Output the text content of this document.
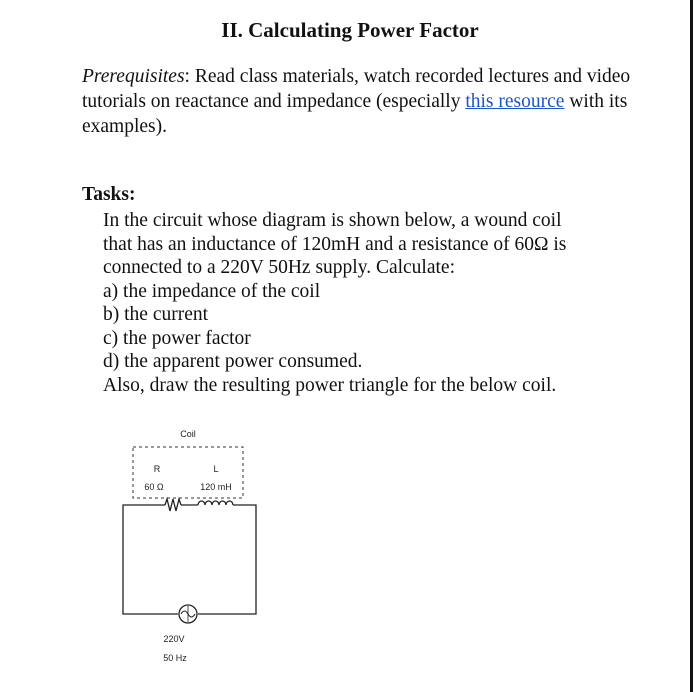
II. Calculating Power Factor
Prerequisites: Read class materials, watch recorded lectures and video tutorials on reactance and impedance (especially this resource with its examples).
Tasks:
In the circuit whose diagram is shown below, a wound coil
that has an inductance of 120mH and a resistance of 60Ω is
connected to a 220V 50Hz supply. Calculate:
a) the impedance of the coil
b) the current
c) the power factor
d) the apparent power consumed.
Also, draw the resulting power triangle for the below coil.
Coil
R
60 Ω
L
120 mH
220V
50 Hz
